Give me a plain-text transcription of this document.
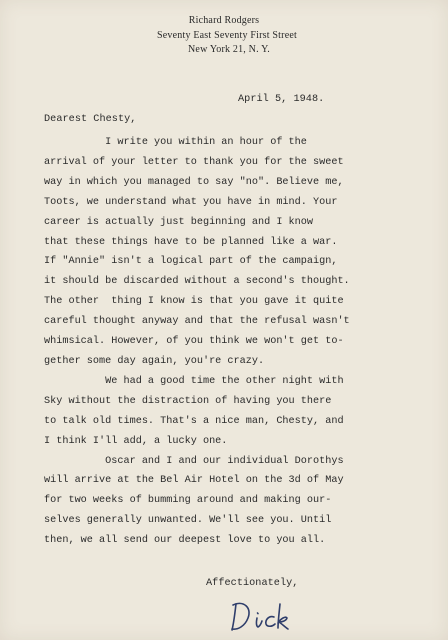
Richard Rodgers
Seventy East Seventy First Street
New York 21, N. Y.
April 5, 1948.
Dearest Chesty,
I write you within an hour of the
arrival of your letter to thank you for the sweet
way in which you managed to say "no". Believe me,
Toots, we understand what you have in mind. Your
career is actually just beginning and I know
that these things have to be planned like a war.
If "Annie" isn't a logical part of the campaign,
it should be discarded without a second's thought.
The other  thing I know is that you gave it quite
careful thought anyway and that the refusal wasn't
whimsical. However, of you think we won't get to-
gether some day again, you're crazy.
We had a good time the other night with
Sky without the distraction of having you there
to talk old times. That's a nice man, Chesty, and
I think I'll add, a lucky one.
Oscar and I and our individual Dorothys
will arrive at the Bel Air Hotel on the 3d of May
for two weeks of bumming around and making our-
selves generally unwanted. We'll see you. Until
then, we all send our deepest love to you all.
Affectionately,
